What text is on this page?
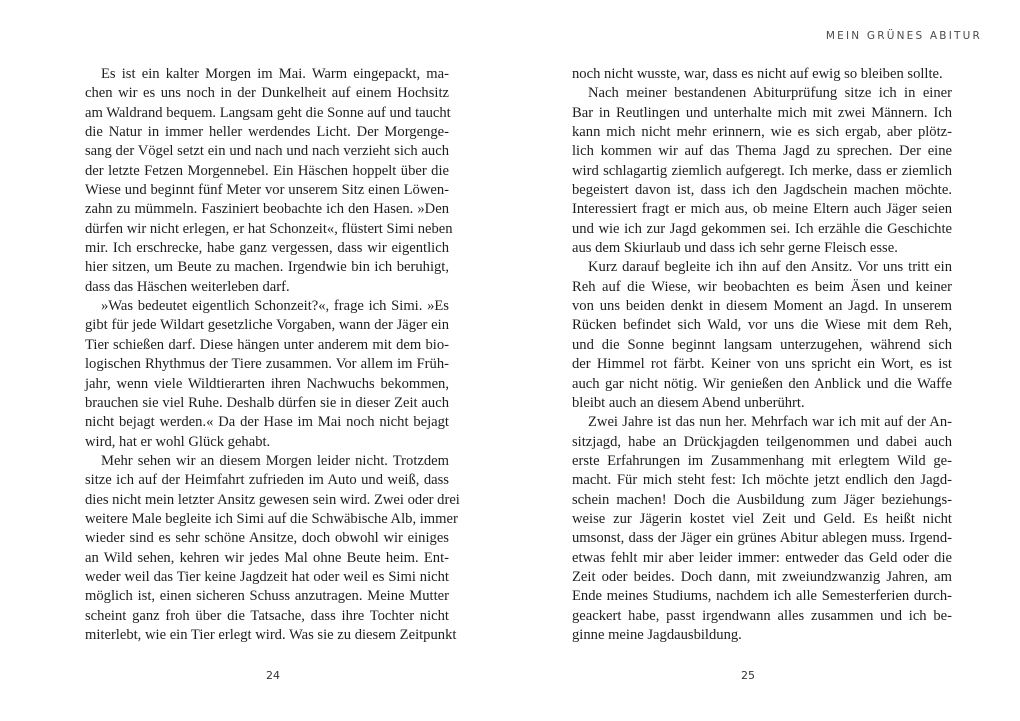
Es ist ein kalter Morgen im Mai. Warm eingepackt, ma-
chen wir es uns noch in der Dunkelheit auf einem Hochsitz
am Waldrand bequem. Langsam geht die Sonne auf und taucht
die Natur in immer heller werdendes Licht. Der Morgenge-
sang der Vögel setzt ein und nach und nach verzieht sich auch
der letzte Fetzen Morgennebel. Ein Häschen hoppelt über die
Wiese und beginnt fünf Meter vor unserem Sitz einen Löwen-
zahn zu mümmeln. Fasziniert beobachte ich den Hasen. »Den
dürfen wir nicht erlegen, er hat Schonzeit«, flüstert Simi neben
mir. Ich erschrecke, habe ganz vergessen, dass wir eigentlich
hier sitzen, um Beute zu machen. Irgendwie bin ich beruhigt,
dass das Häschen weiterleben darf.
»Was bedeutet eigentlich Schonzeit?«, frage ich Simi. »Es
gibt für jede Wildart gesetzliche Vorgaben, wann der Jäger ein
Tier schießen darf. Diese hängen unter anderem mit dem bio-
logischen Rhythmus der Tiere zusammen. Vor allem im Früh-
jahr, wenn viele Wildtierarten ihren Nachwuchs bekommen,
brauchen sie viel Ruhe. Deshalb dürfen sie in dieser Zeit auch
nicht bejagt werden.« Da der Hase im Mai noch nicht bejagt
wird, hat er wohl Glück gehabt.
Mehr sehen wir an diesem Morgen leider nicht. Trotzdem
sitze ich auf der Heimfahrt zufrieden im Auto und weiß, dass
dies nicht mein letzter Ansitz gewesen sein wird. Zwei oder drei
weitere Male begleite ich Simi auf die Schwäbische Alb, immer
wieder sind es sehr schöne Ansitze, doch obwohl wir einiges
an Wild sehen, kehren wir jedes Mal ohne Beute heim. Ent-
weder weil das Tier keine Jagdzeit hat oder weil es Simi nicht
möglich ist, einen sicheren Schuss anzutragen. Meine Mutter
scheint ganz froh über die Tatsache, dass ihre Tochter nicht
miterlebt, wie ein Tier erlegt wird. Was sie zu diesem Zeitpunkt
24
MEIN GRÜNES ABITUR
noch nicht wusste, war, dass es nicht auf ewig so bleiben sollte.
Nach meiner bestandenen Abiturprüfung sitze ich in einer
Bar in Reutlingen und unterhalte mich mit zwei Männern. Ich
kann mich nicht mehr erinnern, wie es sich ergab, aber plötz-
lich kommen wir auf das Thema Jagd zu sprechen. Der eine
wird schlagartig ziemlich aufgeregt. Ich merke, dass er ziemlich
begeistert davon ist, dass ich den Jagdschein machen möchte.
Interessiert fragt er mich aus, ob meine Eltern auch Jäger seien
und wie ich zur Jagd gekommen sei. Ich erzähle die Geschichte
aus dem Skiurlaub und dass ich sehr gerne Fleisch esse.
Kurz darauf begleite ich ihn auf den Ansitz. Vor uns tritt ein
Reh auf die Wiese, wir beobachten es beim Äsen und keiner
von uns beiden denkt in diesem Moment an Jagd. In unserem
Rücken befindet sich Wald, vor uns die Wiese mit dem Reh,
und die Sonne beginnt langsam unterzugehen, während sich
der Himmel rot färbt. Keiner von uns spricht ein Wort, es ist
auch gar nicht nötig. Wir genießen den Anblick und die Waffe
bleibt auch an diesem Abend unberührt.
Zwei Jahre ist das nun her. Mehrfach war ich mit auf der An-
sitzjagd, habe an Drückjagden teilgenommen und dabei auch
erste Erfahrungen im Zusammenhang mit erlegtem Wild ge-
macht. Für mich steht fest: Ich möchte jetzt endlich den Jagd-
schein machen! Doch die Ausbildung zum Jäger beziehungs-
weise zur Jägerin kostet viel Zeit und Geld. Es heißt nicht
umsonst, dass der Jäger ein grünes Abitur ablegen muss. Irgend-
etwas fehlt mir aber leider immer: entweder das Geld oder die
Zeit oder beides. Doch dann, mit zweiundzwanzig Jahren, am
Ende meines Studiums, nachdem ich alle Semesterferien durch-
geackert habe, passt irgendwann alles zusammen und ich be-
ginne meine Jagdausbildung.
25
